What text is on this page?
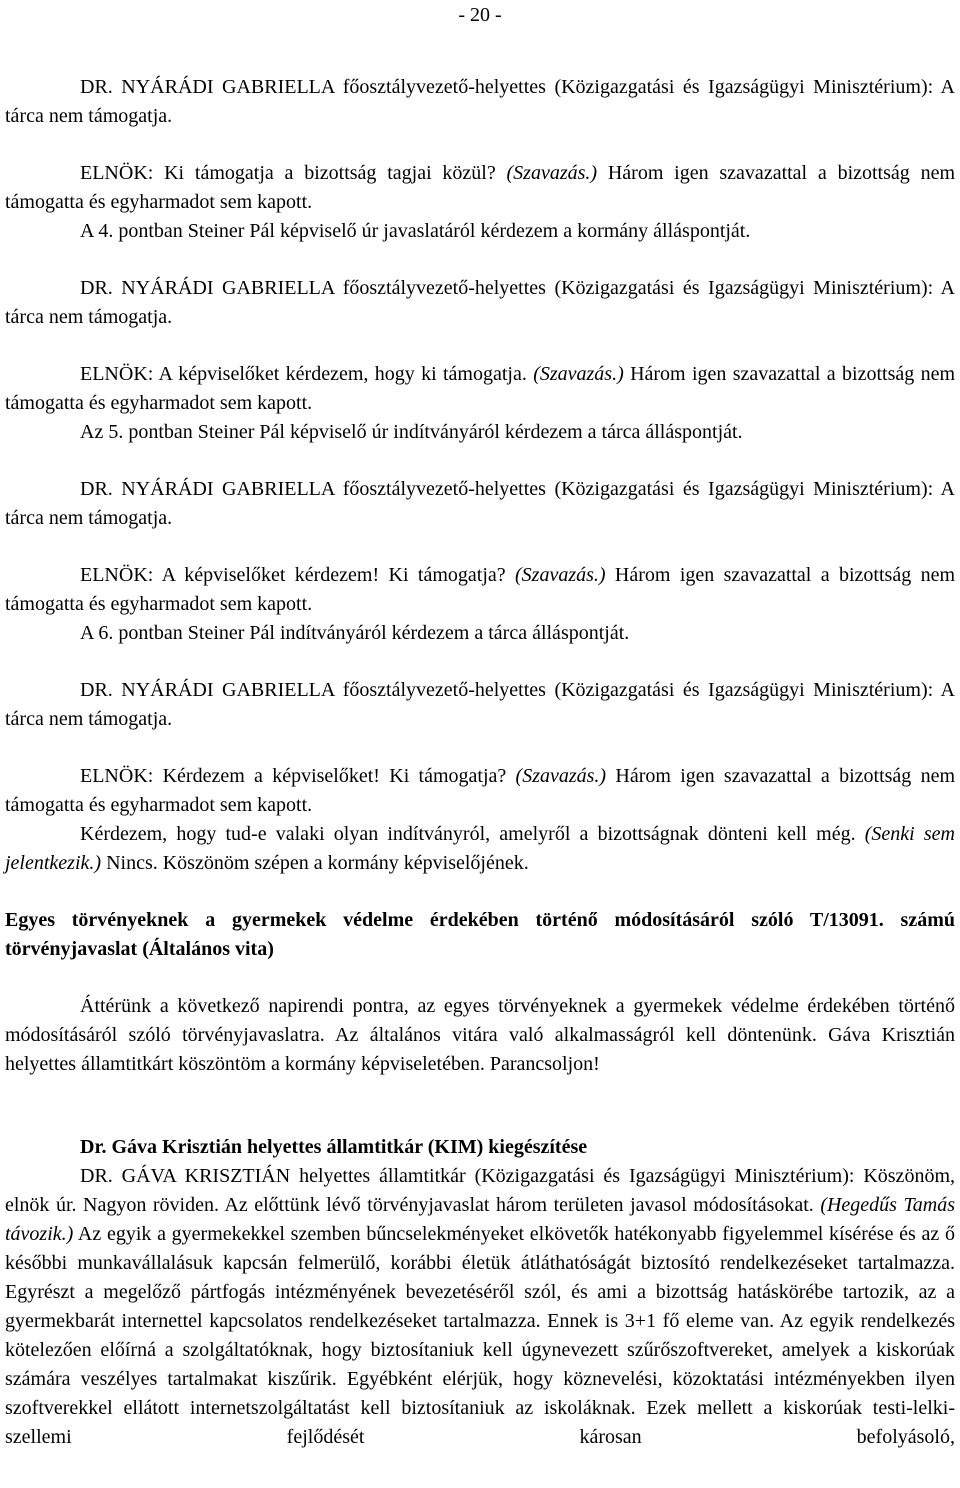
- 20 -

DR. NYÁRÁDI GABRIELLA főosztályvezető-helyettes (Közigazgatási és Igazságügyi Minisztérium): A tárca nem támogatja.

ELNÖK: Ki támogatja a bizottság tagjai közül? (Szavazás.) Három igen szavazattal a bizottság nem támogatta és egyharmadot sem kapott.

A 4. pontban Steiner Pál képviselő úr javaslatáról kérdezem a kormány álláspontját.

DR. NYÁRÁDI GABRIELLA főosztályvezető-helyettes (Közigazgatási és Igazságügyi Minisztérium): A tárca nem támogatja.

ELNÖK: A képviselőket kérdezem, hogy ki támogatja. (Szavazás.) Három igen szavazattal a bizottság nem támogatta és egyharmadot sem kapott.

Az 5. pontban Steiner Pál képviselő úr indítványáról kérdezem a tárca álláspontját.

DR. NYÁRÁDI GABRIELLA főosztályvezető-helyettes (Közigazgatási és Igazságügyi Minisztérium): A tárca nem támogatja.

ELNÖK: A képviselőket kérdezem! Ki támogatja? (Szavazás.) Három igen szavazattal a bizottság nem támogatta és egyharmadot sem kapott.

A 6. pontban Steiner Pál indítványáról kérdezem a tárca álláspontját.

DR. NYÁRÁDI GABRIELLA főosztályvezető-helyettes (Közigazgatási és Igazságügyi Minisztérium): A tárca nem támogatja.

ELNÖK: Kérdezem a képviselőket! Ki támogatja? (Szavazás.) Három igen szavazattal a bizottság nem támogatta és egyharmadot sem kapott.

Kérdezem, hogy tud-e valaki olyan indítványról, amelyről a bizottságnak dönteni kell még. (Senki sem jelentkezik.) Nincs. Köszönöm szépen a kormány képviselőjének.

Egyes törvényeknek a gyermekek védelme érdekében történő módosításáról szóló T/13091. számú törvényjavaslat (Általános vita)

Áttérünk a következő napirendi pontra, az egyes törvényeknek a gyermekek védelme érdekében történő módosításáról szóló törvényjavaslatra. Az általános vitára való alkalmasságról kell döntenünk. Gáva Krisztián helyettes államtitkárt köszöntöm a kormány képviseletében. Parancsoljon!

Dr. Gáva Krisztián helyettes államtitkár (KIM) kiegészítése

DR. GÁVA KRISZTIÁN helyettes államtitkár (Közigazgatási és Igazságügyi Minisztérium): Köszönöm, elnök úr. Nagyon röviden. Az előttünk lévő törvényjavaslat három területen javasol módosításokat. (Hegedűs Tamás távozik.) Az egyik a gyermekekkel szemben bűncselekményeket elkövetők hatékonyabb figyelemmel kísérése és az ő későbbi munkavállalásuk kapcsán felmerülő, korábbi életük átláthatóságát biztosító rendelkezéseket tartalmazza. Egyrészt a megelőző pártfogás intézményének bevezetéséről szól, és ami a bizottság hatáskörébe tartozik, az a gyermekbarát internettel kapcsolatos rendelkezéseket tartalmazza. Ennek is 3+1 fő eleme van. Az egyik rendelkezés kötelezően előírná a szolgáltatóknak, hogy biztosítaniuk kell úgynevezett szűrőszoftvereket, amelyek a kiskorúak számára veszélyes tartalmakat kiszűrik. Egyébként elérjük, hogy köznevelési, közoktatási intézményekben ilyen szoftverekkel ellátott internetszolgáltatást kell biztosítaniuk az iskoláknak. Ezek mellett a kiskorúak testi-lelki-szellemi fejlődését károsan befolyásoló,
